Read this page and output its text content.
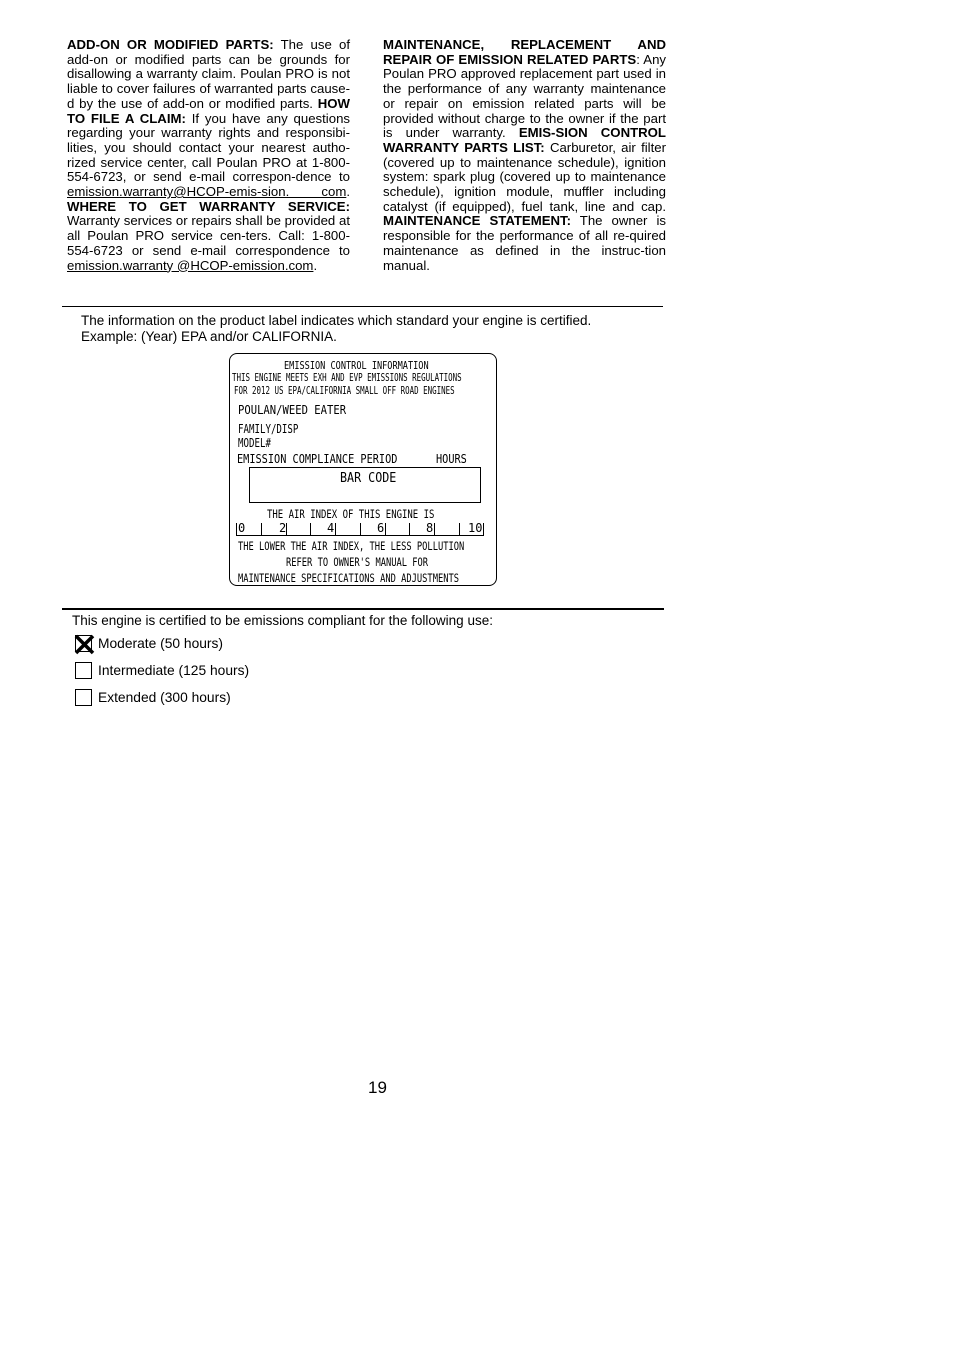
ADD-ON OR MODIFIED PARTS: The use of add-on or modified parts can be grounds for disallowing a warranty claim. Poulan PRO is not liable to cover failures of warranted parts cause-d by the use of add-on or modified parts. HOW TO FILE A CLAIM: If you have any questions regarding your warranty rights and responsibi-lities, you should contact your nearest autho-rized service center, call Poulan PRO at 1-800-554-6723, or send e-mail correspon-dence to emission.warranty@HCOP-emis-sion. com. WHERE TO GET WARRANTY SERVICE: Warranty services or repairs shall be provided at all Poulan PRO service cen-ters. Call: 1-800-554-6723 or send e-mail correspondence to emission.warranty @HCOP-emission.com.
MAINTENANCE, REPLACEMENT AND REPAIR OF EMISSION RELATED PARTS: Any Poulan PRO approved replacement part used in the performance of any warranty maintenance or repair on emission related parts will be provided without charge to the owner if the part is under warranty. EMIS-SION CONTROL WARRANTY PARTS LIST: Carburetor, air filter (covered up to maintenance schedule), ignition system: spark plug (covered up to maintenance schedule), ignition module, muffler including catalyst (if equipped), fuel tank, line and cap. MAINTENANCE STATEMENT: The owner is responsible for the performance of all re-quired maintenance as defined in the instruc-tion manual.
The information on the product label indicates which standard your engine is certified.
Example: (Year) EPA and/or CALIFORNIA.
EMISSION CONTROL INFORMATION
THIS ENGINE MEETS EXH AND EVP EMISSIONS REGULATIONS
FOR 2012 US EPA/CALIFORNIA SMALL OFF ROAD ENGINES
POULAN/WEED EATER
FAMILY/DISP
MODEL#
EMISSION COMPLIANCE PERIOD	HOURS
BAR CODE
THE AIR INDEX OF THIS ENGINE IS
0	2	4	6	8	10
THE LOWER THE AIR INDEX, THE LESS POLLUTION
REFER TO OWNER'S MANUAL FOR
MAINTENANCE SPECIFICATIONS AND ADJUSTMENTS
This engine is certified to be emissions compliant for the following use:
Moderate (50 hours)
Intermediate (125 hours)
Extended (300 hours)
19
